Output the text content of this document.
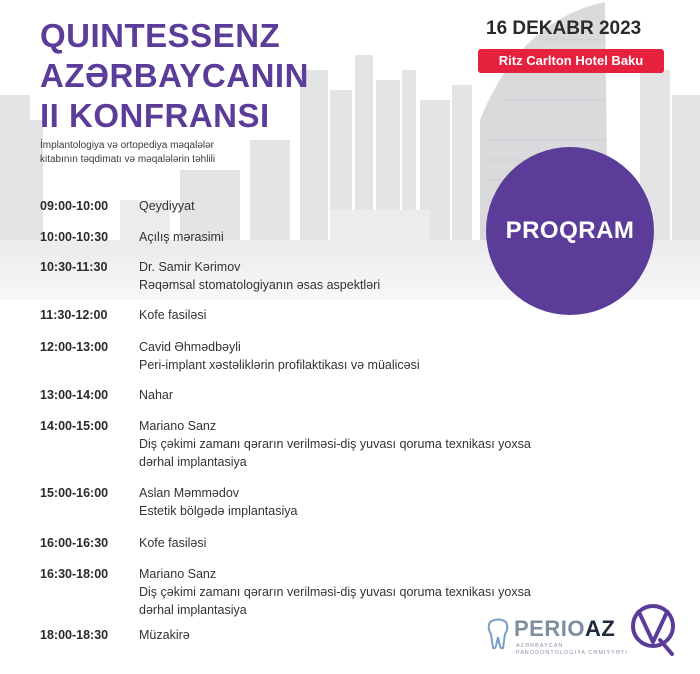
QUINTESSENZ
AZƏRBAYCANIN
II KONFRANSI
İmplantologiya və ortopediya məqalələr
kitabının təqdimatı və məqalələrin təhlili
16 DEKABR 2023
Ritz Carlton Hotel Baku
PROQRAM
09:00-10:00	Qeydiyyat
10:00-10:30	Açılış mərasimi
10:30-11:30	Dr. Samir Kərimov
Rəqəmsal stomatologiyanın əsas aspektləri
11:30-12:00	Kofe fasiləsi
12:00-13:00	Cavid Əhmədbəyli
Peri-implant xəstəliklərin profilaktikası və müalicəsi
13:00-14:00	Nahar
14:00-15:00	Mariano Sanz
Diş çəkimi zamanı qərarın verilməsi-diş yuvası qoruma texnikası yoxsa
dərhal implantasiya
15:00-16:00	Aslan Məmmədov
Estetik bölgədə implantasiya
16:00-16:30	Kofe fasiləsi
16:30-18:00	Mariano Sanz
Diş çəkimi zamanı qərarın verilməsi-diş yuvası qoruma texnikası yoxsa
dərhal implantasiya
18:00-18:30	Müzakirə	PERIOAZ
AZƏRBAYCAN
PARODONTOLOGİYA CƏMİYYƏTİ
